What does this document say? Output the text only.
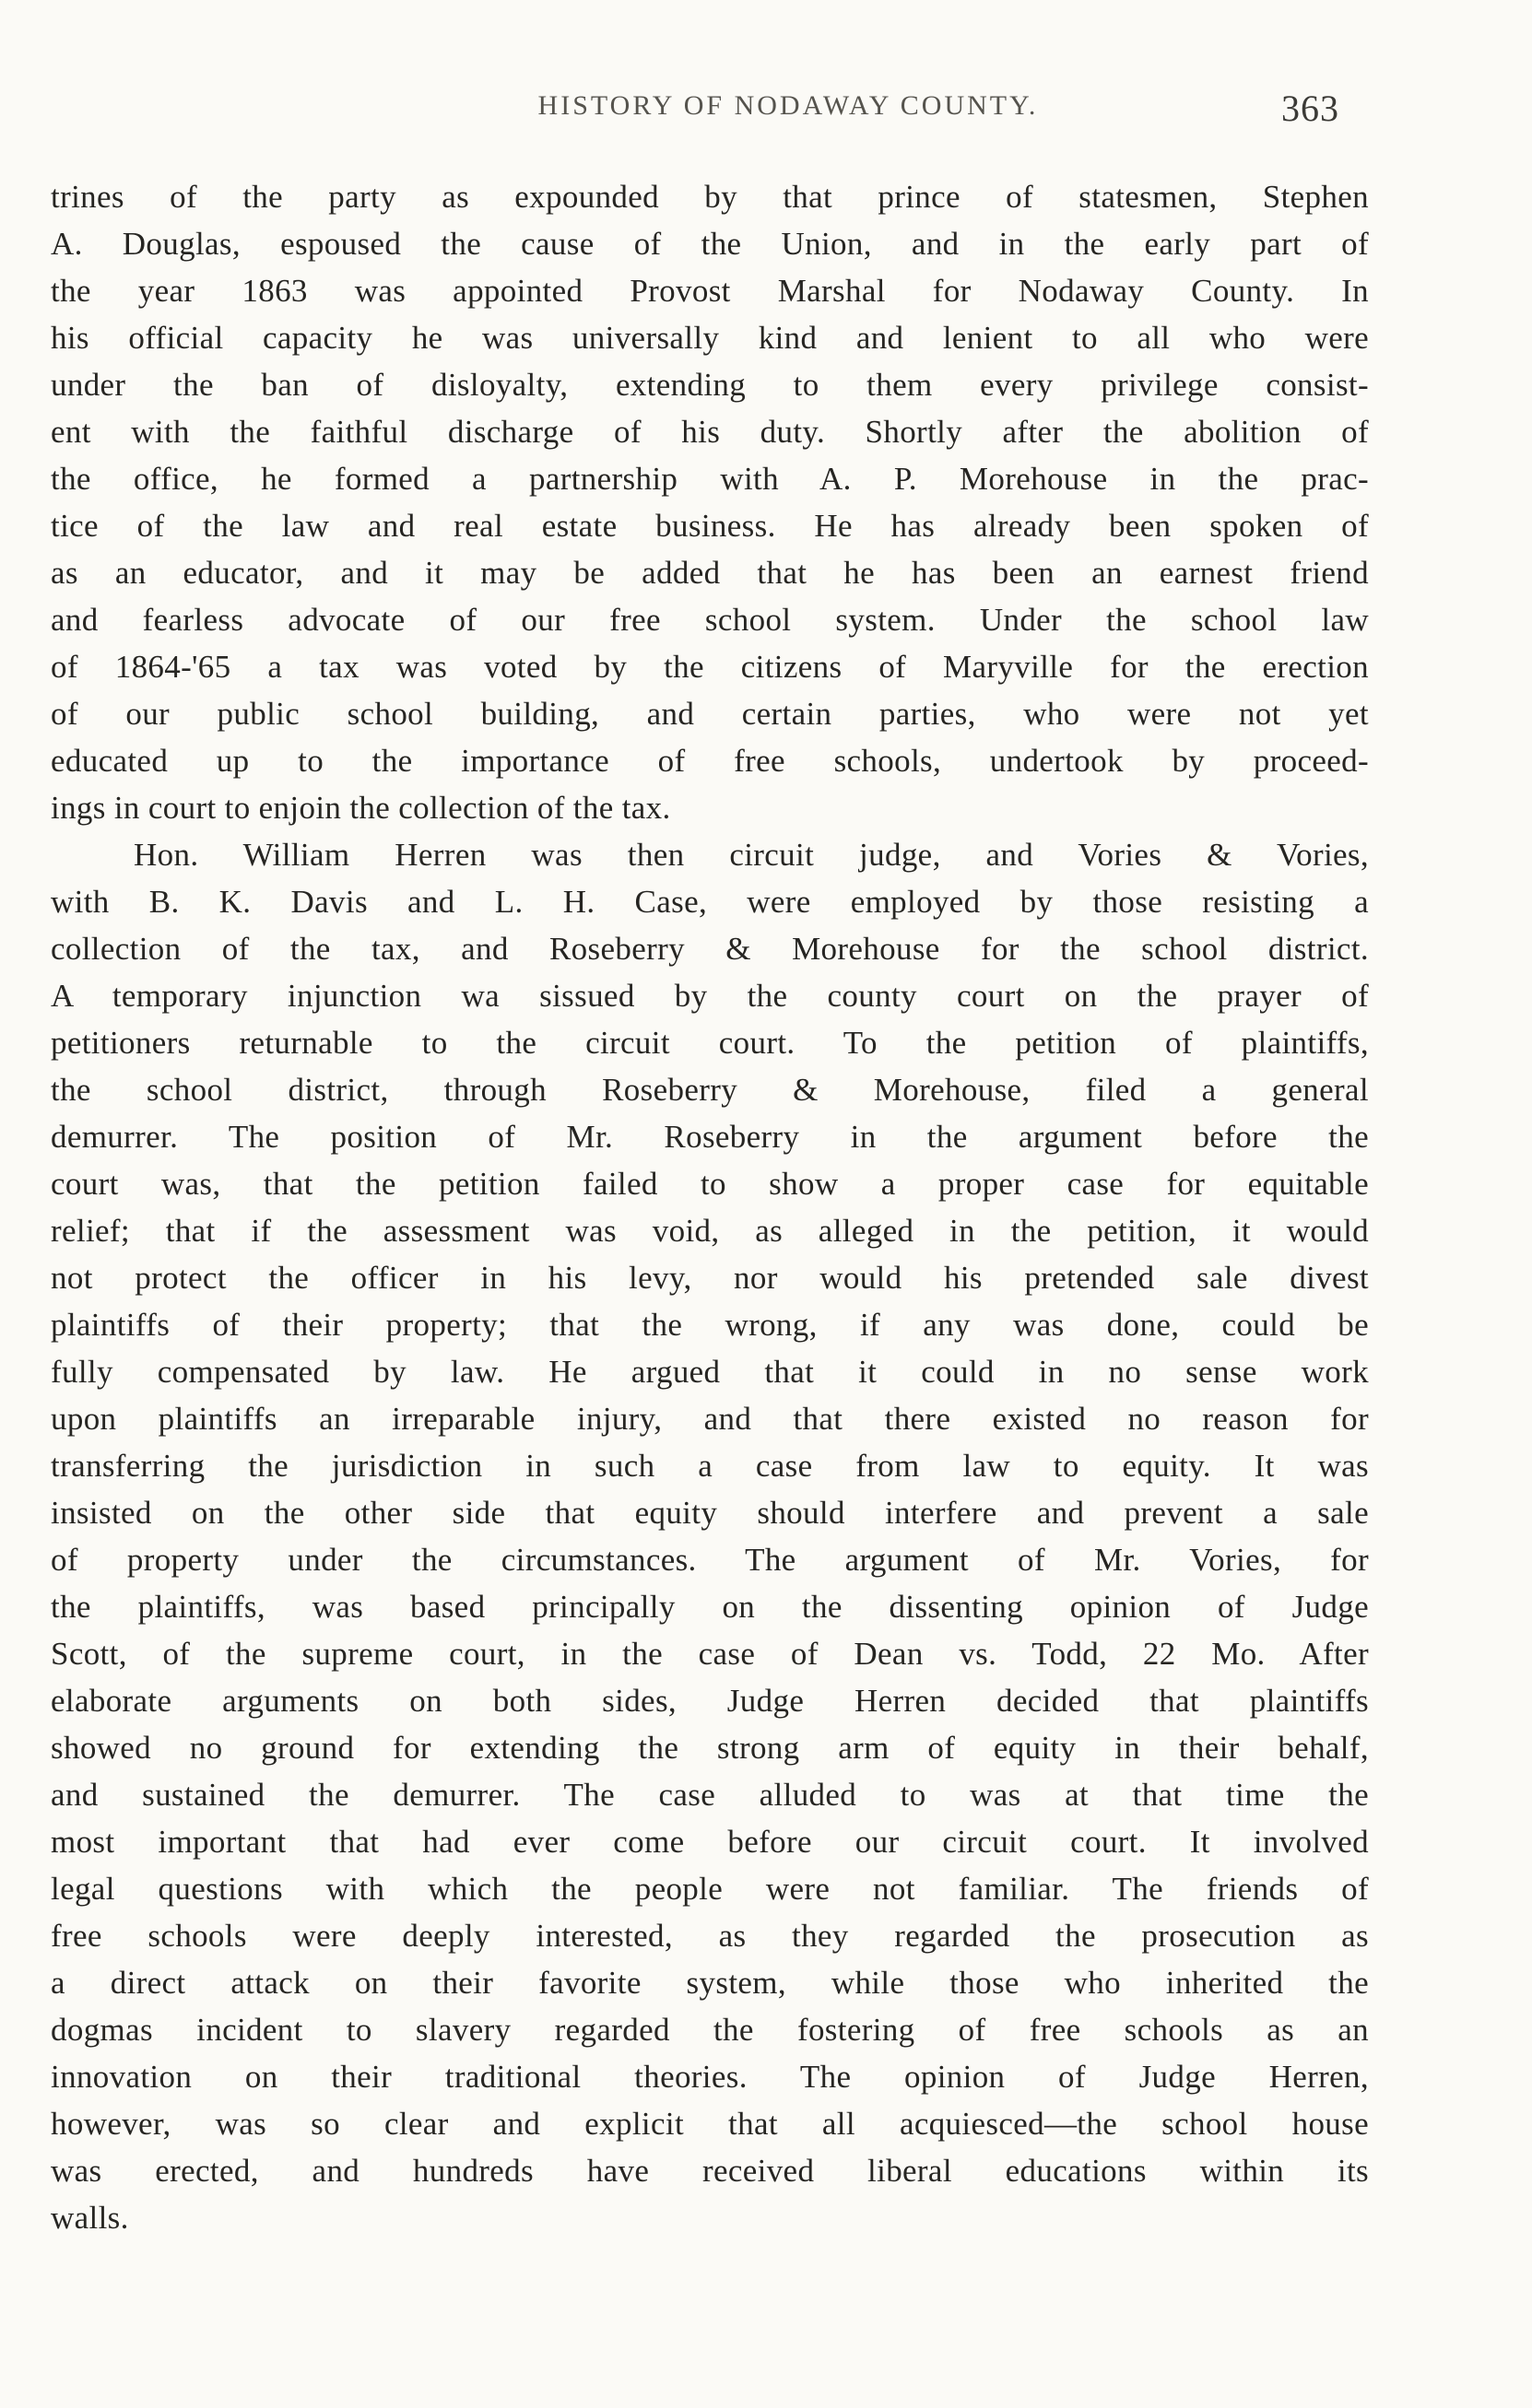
HISTORY OF NODAWAY COUNTY.	363
trines of the party as expounded by that prince of statesmen, Stephen
A. Douglas, espoused the cause of the Union, and in the early part of
the year 1863 was appointed Provost Marshal for Nodaway County. In
his official capacity he was universally kind and lenient to all who were
under the ban of disloyalty, extending to them every privilege consist-
ent with the faithful discharge of his duty. Shortly after the abolition of
the office, he formed a partnership with A. P. Morehouse in the prac-
tice of the law and real estate business. He has already been spoken of
as an educator, and it may be added that he has been an earnest friend
and fearless advocate of our free school system. Under the school law
of 1864-'65 a tax was voted by the citizens of Maryville for the erection
of our public school building, and certain parties, who were not yet
educated up to the importance of free schools, undertook by proceed-
ings in court to enjoin the collection of the tax.
Hon. William Herren was then circuit judge, and Vories & Vories,
with B. K. Davis and L. H. Case, were employed by those resisting a
collection of the tax, and Roseberry & Morehouse for the school district.
A temporary injunction wa sissued by the county court on the prayer of
petitioners returnable to the circuit court. To the petition of plaintiffs,
the school district, through Roseberry & Morehouse, filed a general
demurrer. The position of Mr. Roseberry in the argument before the
court was, that the petition failed to show a proper case for equitable
relief; that if the assessment was void, as alleged in the petition, it would
not protect the officer in his levy, nor would his pretended sale divest
plaintiffs of their property; that the wrong, if any was done, could be
fully compensated by law. He argued that it could in no sense work
upon plaintiffs an irreparable injury, and that there existed no reason for
transferring the jurisdiction in such a case from law to equity. It was
insisted on the other side that equity should interfere and prevent a sale
of property under the circumstances. The argument of Mr. Vories, for
the plaintiffs, was based principally on the dissenting opinion of Judge
Scott, of the supreme court, in the case of Dean vs. Todd, 22 Mo. After
elaborate arguments on both sides, Judge Herren decided that plaintiffs
showed no ground for extending the strong arm of equity in their behalf,
and sustained the demurrer. The case alluded to was at that time the
most important that had ever come before our circuit court. It involved
legal questions with which the people were not familiar. The friends of
free schools were deeply interested, as they regarded the prosecution as
a direct attack on their favorite system, while those who inherited the
dogmas incident to slavery regarded the fostering of free schools as an
innovation on their traditional theories. The opinion of Judge Herren,
however, was so clear and explicit that all acquiesced—the school house
was erected, and hundreds have received liberal educations within its
walls.
